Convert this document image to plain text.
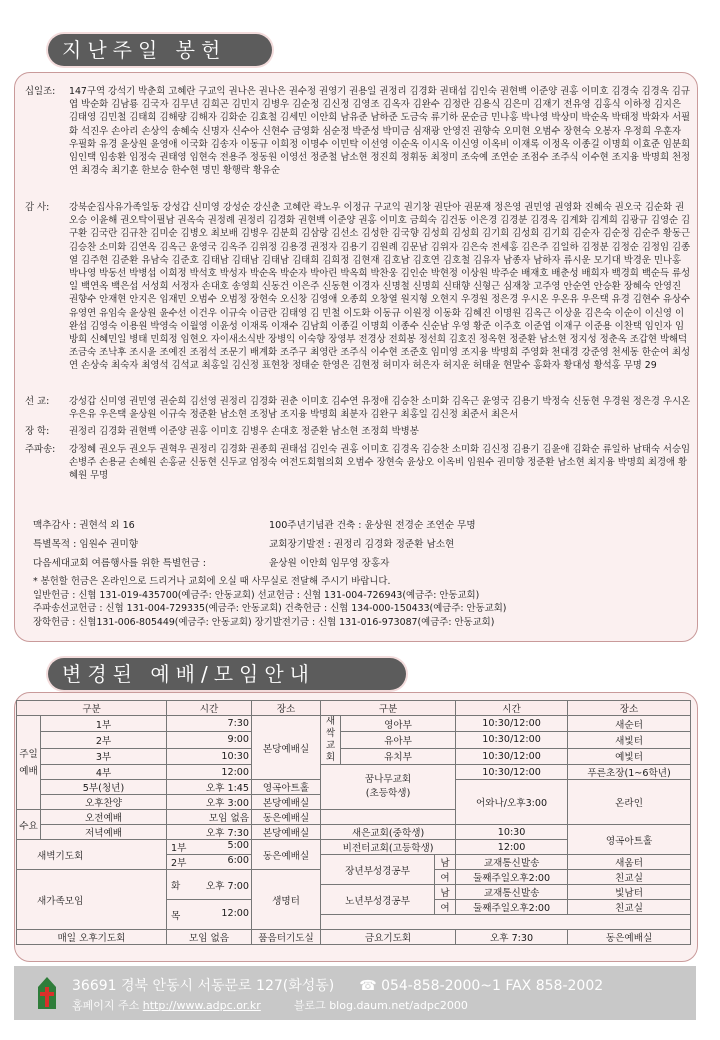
지난주일 봉헌
십일조:	147구역 강석기 박춘희 고혜란 구교익 권나은 권나은 권수정 권영기 권용일 권정리 김경화 권태섭 김인숙 권현백 이준양 권홍 이미호 김경숙 김경옥 김규엽 박순화 김남룡 김국자 김무년 김희곤 김민지 김병우 김순정 김신정 김영조 김옥자 김완수 김정란 김용식 김은미 김재기 전유영 김홍식 이하정 김지은 김태영 김민철 김태희 김해량 김해자 김화순 김효철 김세민 이안희 남유준 남하준 도금숙 류기하 문순금 민나홍 박나영 박상미 박순옥 박태정 박화자 서필화 석진우 손아리 손상익 송혜숙 신명자 신수아 신현수 금영화 심순정 박준성 박미금 심재광 안영진 권향숙 오미현 오범수 장현숙 오봉자 우정희 우훈자 우필화 유경 윤상원 윤영애 이국화 김송자 이동규 이희정 이명수 이민탁 이선영 이순옥 이시옥 이신영 이옥비 이재록 이정옥 이종길 이명희 이효준 임분희 임인택 임송환 임정숙 권태영 임현숙 전용주 정동원 이영선 정준철 남소현 정진희 정휘동 최정미 조숙예 조연순 조점수 조주식 이수현 조지융 박명희 천정연 최경숙 최기훈 한보승 한수현 명민 황행락 황유순
감 사:	강북순집사유가족일동 강성갑 신미영 강성순 강신춘 고혜란 곽노우 이정규 구교익 권기창 권단아 권문재 정은영 권민영 권영화 진혜숙 권오국 김순화 권오승 이윤해 권오탁이필남 권옥숙 권정례 권정리 김경화 권현백 이준양 권홍 이미호 금희숙 김건동 이은경 김경분 김경옥 김계화 김계희 김광규 김영순 김구환 김국란 김규찬 김미순 김병오 최보배 김병우 김분희 김삼랑 김선소 김성한 김국향 김성희 김성희 김기희 김성희 김기희 김순자 김순정 김순주 황동근 김승찬 소미화 김연옥 김옥근 윤영국 김옥주 김위정 김용경 권정자 김용기 김원례 김문남 김위자 김은숙 전세홍 김은주 김일하 김정분 김정순 김정임 김종열 김주현 김준환 유남숙 김준호 김태남 김태남 김태남 김태희 김희정 김현재 김호남 김호연 김호철 김유자 남종자 남하자 류시운 모기대 박경운 민나홍 박나영 박동선 박병섭 이희정 박석호 박성자 박순옥 박순자 박아린 박옥희 박찬웅 김인순 박현정 이상원 박주순 배재호 배춘성 배희자 백경희 백순득 류성일 백연옥 백은섭 서성희 서정자 손대호 송영희 신동건 이은주 신동현 이경자 신명철 신명희 신태향 신형근 심재창 고주영 안순연 안승환 장혜숙 안영진 권향수 안재현 안지은 임재민 오범수 오범정 장현숙 오신창 김영애 오종희 오창열 원지형 오현지 우경원 정은경 우시온 우온유 우은택 유경 김현수 유상수 유영연 유임숙 윤상원 윤수선 이건우 이규숙 이금란 김태영 김 민철 이도화 이동규 이원정 이동화 김혜진 이명원 김옥근 이상윤 김은숙 이순이 이신영 이완섭 김영숙 이용원 박영숙 이월영 이윤성 이재록 이재수 김남희 이종길 이명희 이종수 신순남 우영 황준 이주호 이준엽 이재구 이준용 이찬택 임인자 임방희 신혜민일 병태 민희정 임현오 자이새소식반 장병익 이숙향 장영부 전경상 전희봉 정선희 김호진 정옥현 정준환 남소현 정지성 정춘옥 조갑현 박해덕 조금숙 조낙후 조시윤 조예진 조점석 조문기 배계화 조주구 최영란 조주식 이수현 조준호 임미영 조지융 박명희 주영화 천대경 강준영 천세동 한순여 최성연 손상숙 최숙자 최영석 김석교 최홍일 김신정 표현창 정태순 한영은 김현정 허미자 허은자 허지운 허태윤 현말수 홍화자 황대성 황석홍 무명 29
선 교:	강성갑 신미영 권민영 권순희 김선영 권정리 김경화 권춘 이미호 김수연 유정애 김승찬 소미화 김옥근 윤영국 김용기 박정숙 신동현 우경원 정은경 우시온 우은유 우은택 윤상원 이규숙 정준환 남소현 조정남 조지융 박명희 최분자 김완구 최홍일 김신정 최준서 최은서
장 학:	권정리 김경화 권현백 이준양 권홍 이미호 김병우 손대호 정준환 남소현 조정희 박병봉
주파송:	강정혜 권오두 권오두 권혁우 권정리 김경화 권종희 권태섭 김인숙 권홍 이미호 김경옥 김승찬 소미화 김신정 김용기 김윤애 김화순 류일하 남태숙 서승임 손병주 손용균 손혜원 손홍균 신동현 신두교 엄정숙 여전도회협의회 오범수 장현숙 윤상오 이옥비 임원수 권미향 정준환 남소현 최지융 박명희 최경애 황혜원 무명
맥추감사 : 권현석 외 16	100주년기념관 건축 : 윤상원 전경순 조연순 무명
특별목적 : 임원수 권미향	교회장기발전 : 권정리 김경화 정준환 남소현
다음세대교회 여름행사를 위한 특별헌금 :	윤상원 이안희 임무영 장홍자
* 봉헌할 헌금은 온라인으로 드리거나 교회에 오실 때 사무실로 전달해 주시기 바랍니다.
일반헌금 : 신협 131-019-435700(예금주: 안동교회) 선교헌금 : 신협 131-004-726943(예금주: 안동교회)
주파송선교헌금 : 신협 131-004-729335(예금주: 안동교회) 건축헌금 : 신협 134-000-150433(예금주: 안동교회)
장학헌금 : 신협131-006-805449(예금주: 안동교회) 장기발전기금 : 신협 131-016-973087(예금주: 안동교회)
변경된 예배/모임안내
구분		시간	장소	구분			시간	장소
주일예배	1부	7:30	본당예배실	새싹교회	영아부		10:30/12:00	새순터
	2부	9:00			유아부		10:30/12:00	새빛터
	3부	10:30			유치부		10:30/12:00	예빛터
	4부	12:00		꿈나무교회
(초등학생)			10:30/12:00	푸른초장(1~6학년)
	5부(청년)	오후 1:45	영곡아트홀				어와나/오후3:00	온라인
	오후찬양	오후 3:00	본당예배실					
수요	오전예배	모임 없음	동은예배실					
	저녁예배	오후 7:30	본당예배실	새은교회(중학생)			10:30	영곡아트홀
새벽기도회		1부 5:00	동은예배실	비전터교회(고등학생)			12:00	

		2부 6:00		장년부성경공부		남	교재통신발송	새움터
새가족모임		화 오후 7:00	생명터			여	둘째주일오후2:00	친교실
				노년부성경공부		남	교재통신발송	빛남터

		목 12:00				여	둘째주일오후2:00	친교실

매일 오후기도회		모임 없음	품음터기도실	금요기도회			오후 7:30	동은예배실
36691 경북 안동시 서동문로 127(화성동) ☎ 054-858-2000~1 FAX 858-2002
홈페이지 주소 http://www.adpc.or.kr	블로그 blog.daum.net/adpc2000
